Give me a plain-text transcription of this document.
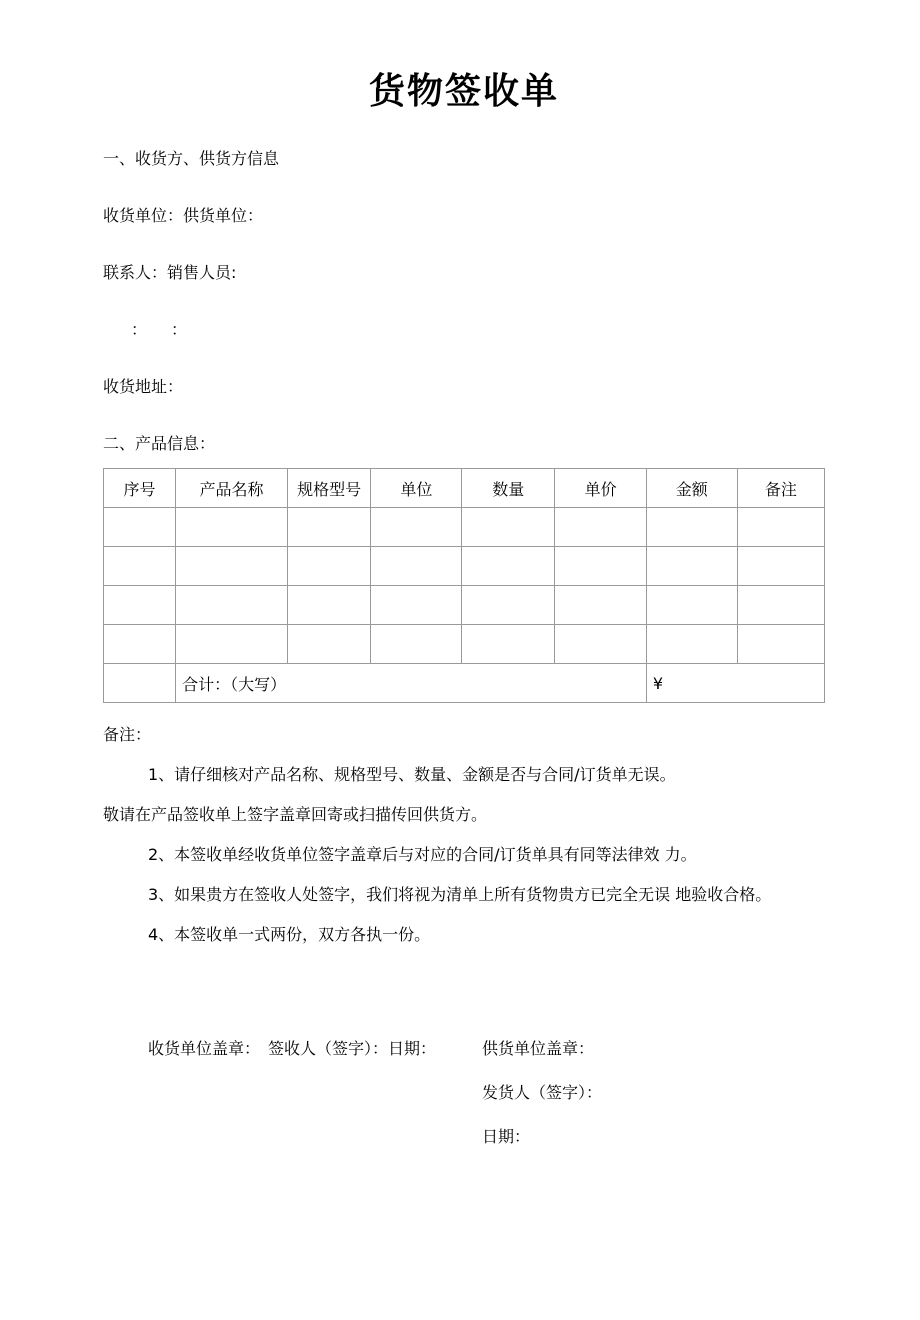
货物签收单

一、收货方、供货方信息

收货单位：供货单位：

联系人：销售人员:

：　　：

收货地址：

二、产品信息：

序号	产品名称	规格型号	单位	数量	单价	金额	备注

	合计：（大写）					¥	

备注：

1、请仔细核对产品名称、规格型号、数量、金额是否与合同/订货单无误。

敬请在产品签收单上签字盖章回寄或扫描传回供货方。

2、本签收单经收货单位签字盖章后与对应的合同/订货单具有同等法律效 力。

3、如果贵方在签收人处签字，我们将视为清单上所有货物贵方已完全无误 地验收合格。

4、本签收单一式两份，双方各执一份。

收货单位盖章：　签收人（签字）：日期：	供货单位盖章：

发货人（签字）：

日期：
